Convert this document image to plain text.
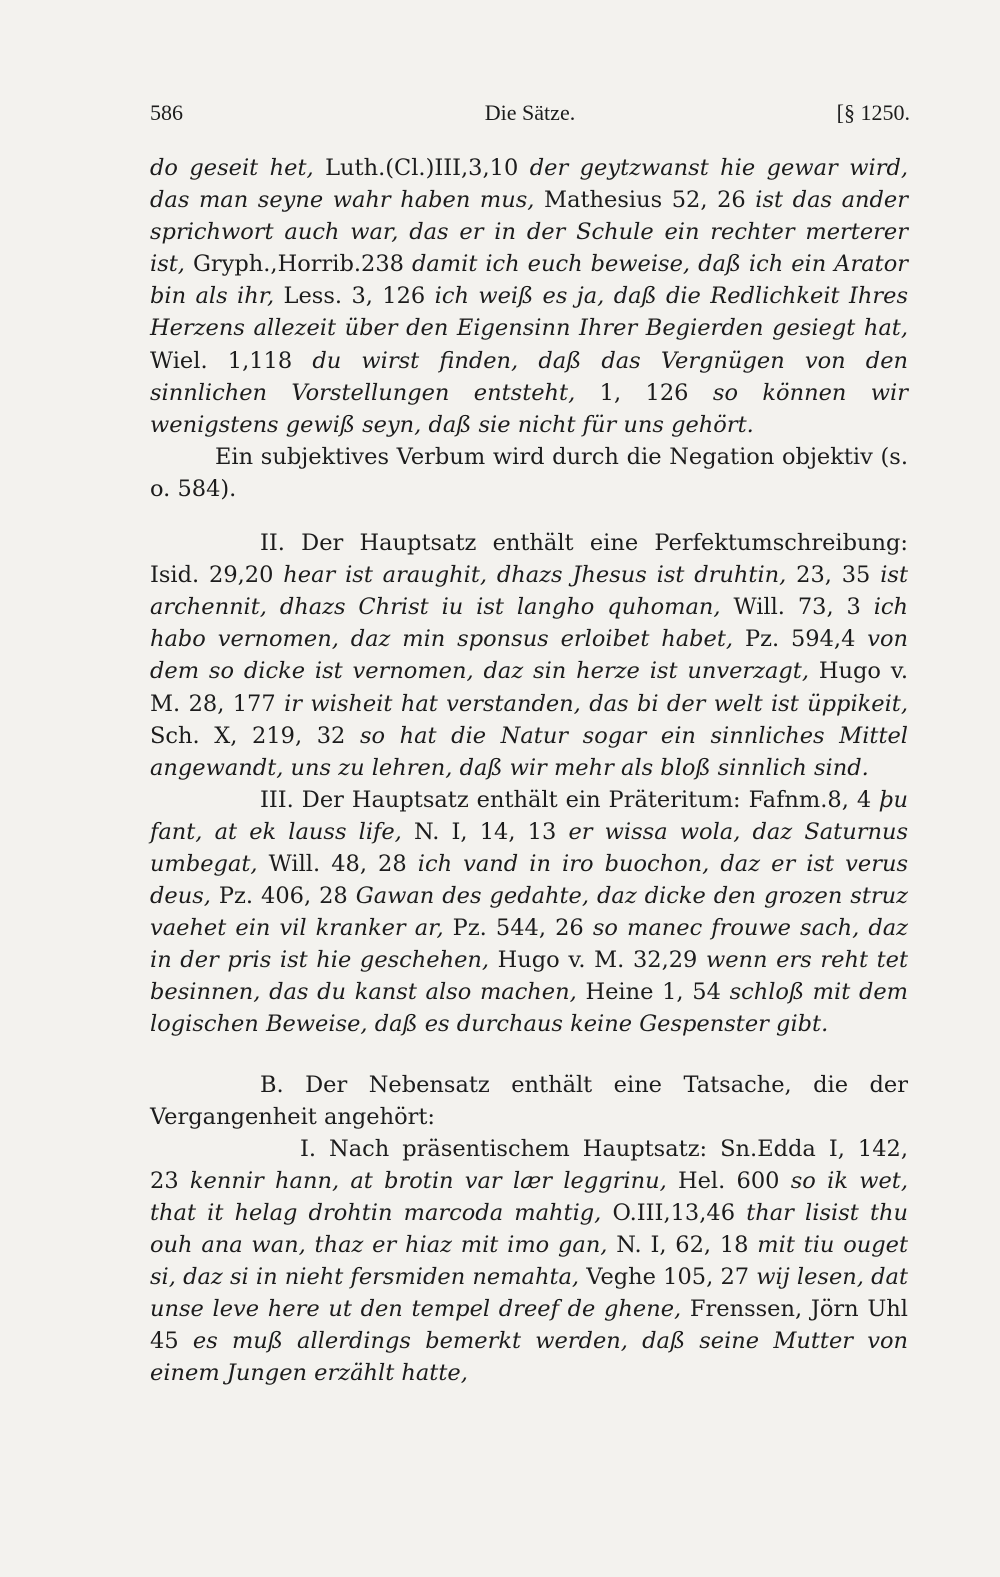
586	Die Sätze.	[§ 1250.

do geseit het, Luth.(Cl.)III,3,10 der geytzwanst hie gewar wird, das man seyne wahr haben mus, Mathesius 52, 26 ist das ander sprichwort auch war, das er in der Schule ein rechter merterer ist, Gryph.,Horrib.238 damit ich euch beweise, daß ich ein Arator bin als ihr, Less. 3, 126 ich weiß es ja, daß die Redlichkeit Ihres Herzens allezeit über den Eigensinn Ihrer Begierden gesiegt hat, Wiel. 1,118 du wirst finden, daß das Vergnügen von den sinnlichen Vorstellungen entsteht, 1, 126 so können wir wenigstens gewiß seyn, daß sie nicht für uns gehört.

Ein subjektives Verbum wird durch die Negation objektiv (s. o. 584).

II. Der Hauptsatz enthält eine Perfektumschreibung: Isid. 29,20 hear ist araughit, dhazs Jhesus ist druhtin, 23, 35 ist archennit, dhazs Christ iu ist langho quhoman, Will. 73, 3 ich habo vernomen, daz min sponsus erloibet habet, Pz. 594,4 von dem so dicke ist vernomen, daz sin herze ist unverzagt, Hugo v. M. 28, 177 ir wisheit hat verstanden, das bi der welt ist üppikeit, Sch. X, 219, 32 so hat die Natur sogar ein sinnliches Mittel angewandt, uns zu lehren, daß wir mehr als bloß sinnlich sind.

III. Der Hauptsatz enthält ein Präteritum: Fafnm.8, 4 þu fant, at ek lauss life, N. I, 14, 13 er wissa wola, daz Saturnus umbegat, Will. 48, 28 ich vand in iro buochon, daz er ist verus deus, Pz. 406, 28 Gawan des gedahte, daz dicke den grozen struz vaehet ein vil kranker ar, Pz. 544, 26 so manec frouwe sach, daz in der pris ist hie geschehen, Hugo v. M. 32,29 wenn ers reht tet besinnen, das du kanst also machen, Heine 1, 54 schloß mit dem logischen Beweise, daß es durchaus keine Gespenster gibt.

B. Der Nebensatz enthält eine Tatsache, die der Vergangenheit angehört:

I. Nach präsentischem Hauptsatz: Sn.Edda I, 142, 23 kennir hann, at brotin var lær leggrinu, Hel. 600 so ik wet, that it helag drohtin marcoda mahtig, O.III,13,46 thar lisist thu ouh ana wan, thaz er hiaz mit imo gan, N. I, 62, 18 mit tiu ouget si, daz si in nieht fersmiden nemahta, Veghe 105, 27 wij lesen, dat unse leve here ut den tempel dreef de ghene, Frenssen, Jörn Uhl 45 es muß allerdings bemerkt werden, daß seine Mutter von einem Jungen erzählt hatte,
